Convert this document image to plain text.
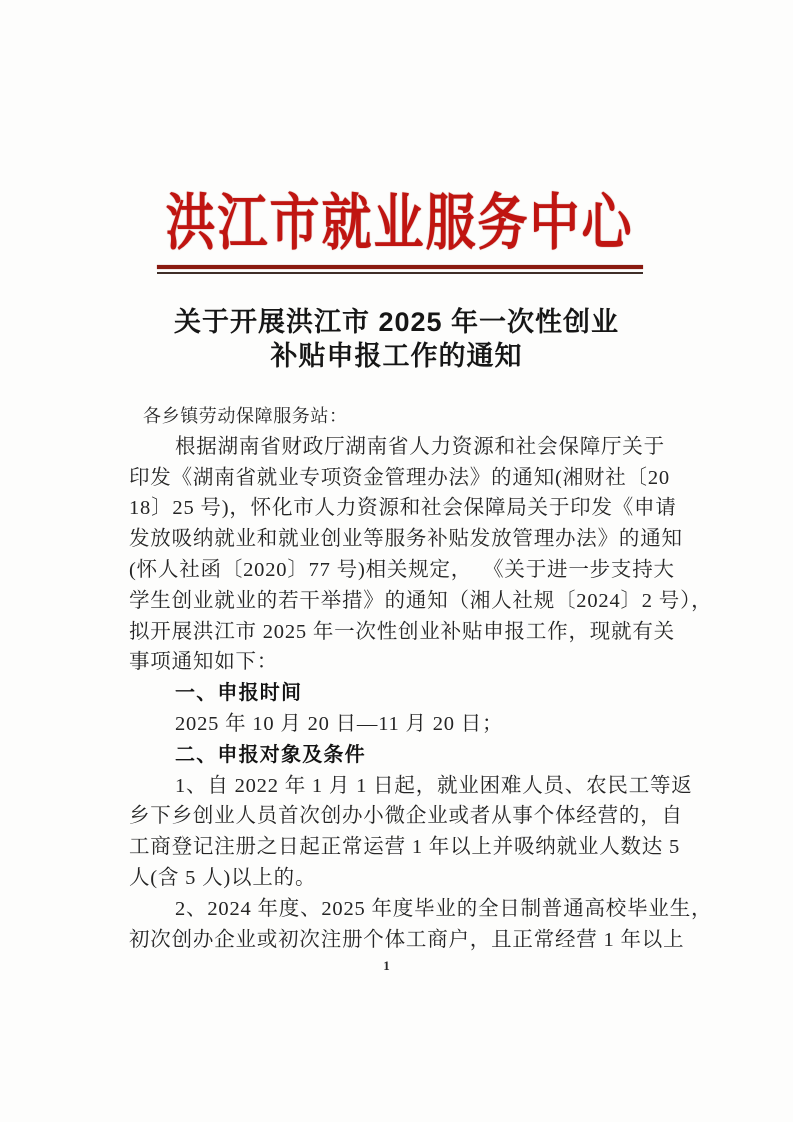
洪江市就业服务中心
关于开展洪江市 2025 年一次性创业
补贴申报工作的通知
各乡镇劳动保障服务站：
根据湖南省财政厅湖南省人力资源和社会保障厅关于
印发《湖南省就业专项资金管理办法》的通知(湘财社〔20
18〕25 号)，怀化市人力资源和社会保障局关于印发《申请
发放吸纳就业和就业创业等服务补贴发放管理办法》的通知
(怀人社函〔2020〕77 号)相关规定， 《关于进一步支持大
学生创业就业的若干举措》的通知（湘人社规〔2024〕2 号），
拟开展洪江市 2025 年一次性创业补贴申报工作，现就有关
事项通知如下：
一、申报时间
2025 年 10 月 20 日—11 月 20 日；
二、申报对象及条件
1、自 2022 年 1 月 1 日起，就业困难人员、农民工等返
乡下乡创业人员首次创办小微企业或者从事个体经营的，自
工商登记注册之日起正常运营 1 年以上并吸纳就业人数达 5
人(含 5 人)以上的。
2、2024 年度、2025 年度毕业的全日制普通高校毕业生，
初次创办企业或初次注册个体工商户，且正常经营 1 年以上
1
